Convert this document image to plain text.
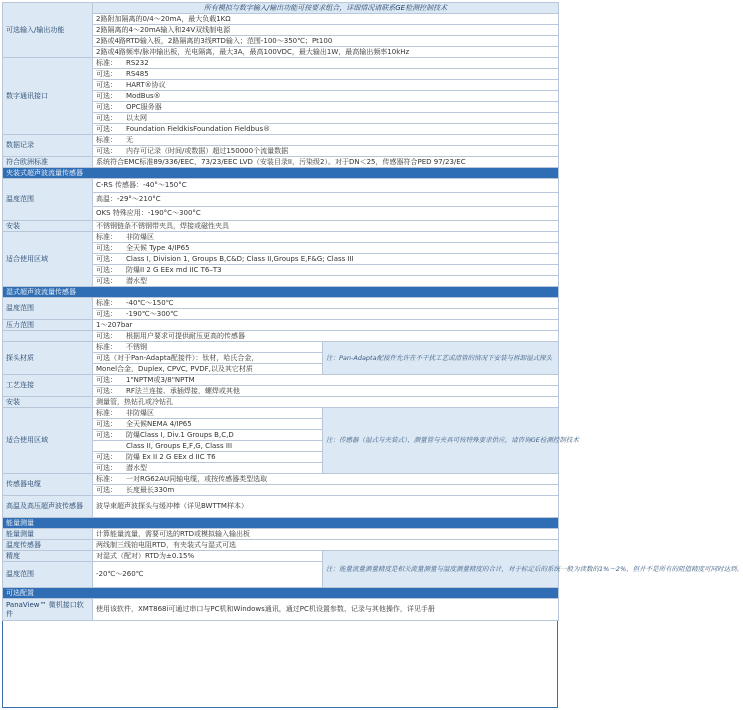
可选输入/输出功能	所有模拟与数字输入/输出功能可按要求组合，详细情况请联系GE检测控制技术	
	2路附加隔离的0/4～20mA，最大负载1KΩ	
	2路隔离的4～20mA输入和24V双线制电源	
	2路或4路RTD输入板，2路隔离的3线RTD输入；范围-100～350℃；Pt100	
	2路或4路频率/脉冲输出板，光电隔离，最大3A，最高100VDC，最大输出1W，最高输出频率10kHz	
数字通讯接口	标准： RS232	
	可选： RS485	
	可选： HART®协议	
	可选： ModBus®	
	可选： OPC服务器	
	可选： 以太网	
	可选： Foundation FieldkisFoundation Fieldbus®	
数据记录	标准： 无	
	可选： 内存可记录（时间/或数据）超过150000个流量数据	
符合欧洲标准	系统符合EMC标准89/336/EEC，73/23/EEC LVD（安装目录II，污染级2）。对于DN＜25，传感器符合PED 97/23/EC	
夹装式超声波流量传感器		
温度范围	C-RS 传感器：-40°～150°C	
	高温：-29°～210°C	
	OKS 特殊应用：-190°C～300°C	
安装	不锈钢链条不锈钢带夹具，焊接或磁性夹具	
适合使用区域	标准： 非防爆区	
	可选： 全天候 Type 4/IP65	
	可选： Class I, Division 1, Groups B,C&D; Class II,Groups E,F&G; Class III	
	可选： 防爆II 2 G EEx md IIC T6–T3	
	可选： 潜水型	
湿式超声波流量传感器		
温度范围	标准： -40℃～150℃	
	可选： -190℃～300℃	
压力范围	1～207bar	
	可选： 根据用户要求可提供耐压更高的传感器	
探头材质	标准： 不锈钢	注：Pan-Adapta配接件允许在不干扰工艺或清管的情况下安装与拆卸湿式探头
	可选（对于Pan-Adapta配接件）：钛材，哈氏合金，	
	Monel合金，Duplex, CPVC, PVDF,以及其它材质	
工艺连接	可选： 1"NPTM或3/8"NPTM	
	可选： RF法兰连接、承插焊接，螺焊或其他	
安装	测量管，热钻孔或冷钻孔	
适合使用区域	标准： 非防爆区	注：传感器（湿式与夹装式），测量管与夹具可按特殊要求供应，请咨询GE检测控制技术
	可选： 全天候NEMA 4/IP65	
	可选： 防爆Class I, Div.1 Groups B,C,D	
	Class II, Groups E,F,G, Class III	
	可选： 防爆 Ex II 2 G EEx d IIC T6	
	可选： 潜水型	
传感器电缆	标准： 一对RG62AU同轴电缆，或按传感器类型选取	
	可选： 长度最长330m	
高温及高压超声波传感器	波导束超声波探头与缓冲棒（详见BWTTM样本）	
能量测量		
能量测量	计算能量流量，需要可选的RTD或模拟输入输出板	
温度传感器	两线制三线铂电阻RTD，有夹装式与湿式可选	
精度	对湿式（配对）RTD为±0.15%	注：能量流量测量精度是相关流量测量与温度测量精度的合计，对于标定后的系统一般为读数的1%～2%，但并不是所有的阻值精度可同时达到。
温度范围	-20℃～260℃	
可选配置		
PanaView™ 微机接口软件	使用该软件，XMT868i可通过串口与PC机和Windows通讯，通过PC机设置参数、记录与其他操作，详见手册	
